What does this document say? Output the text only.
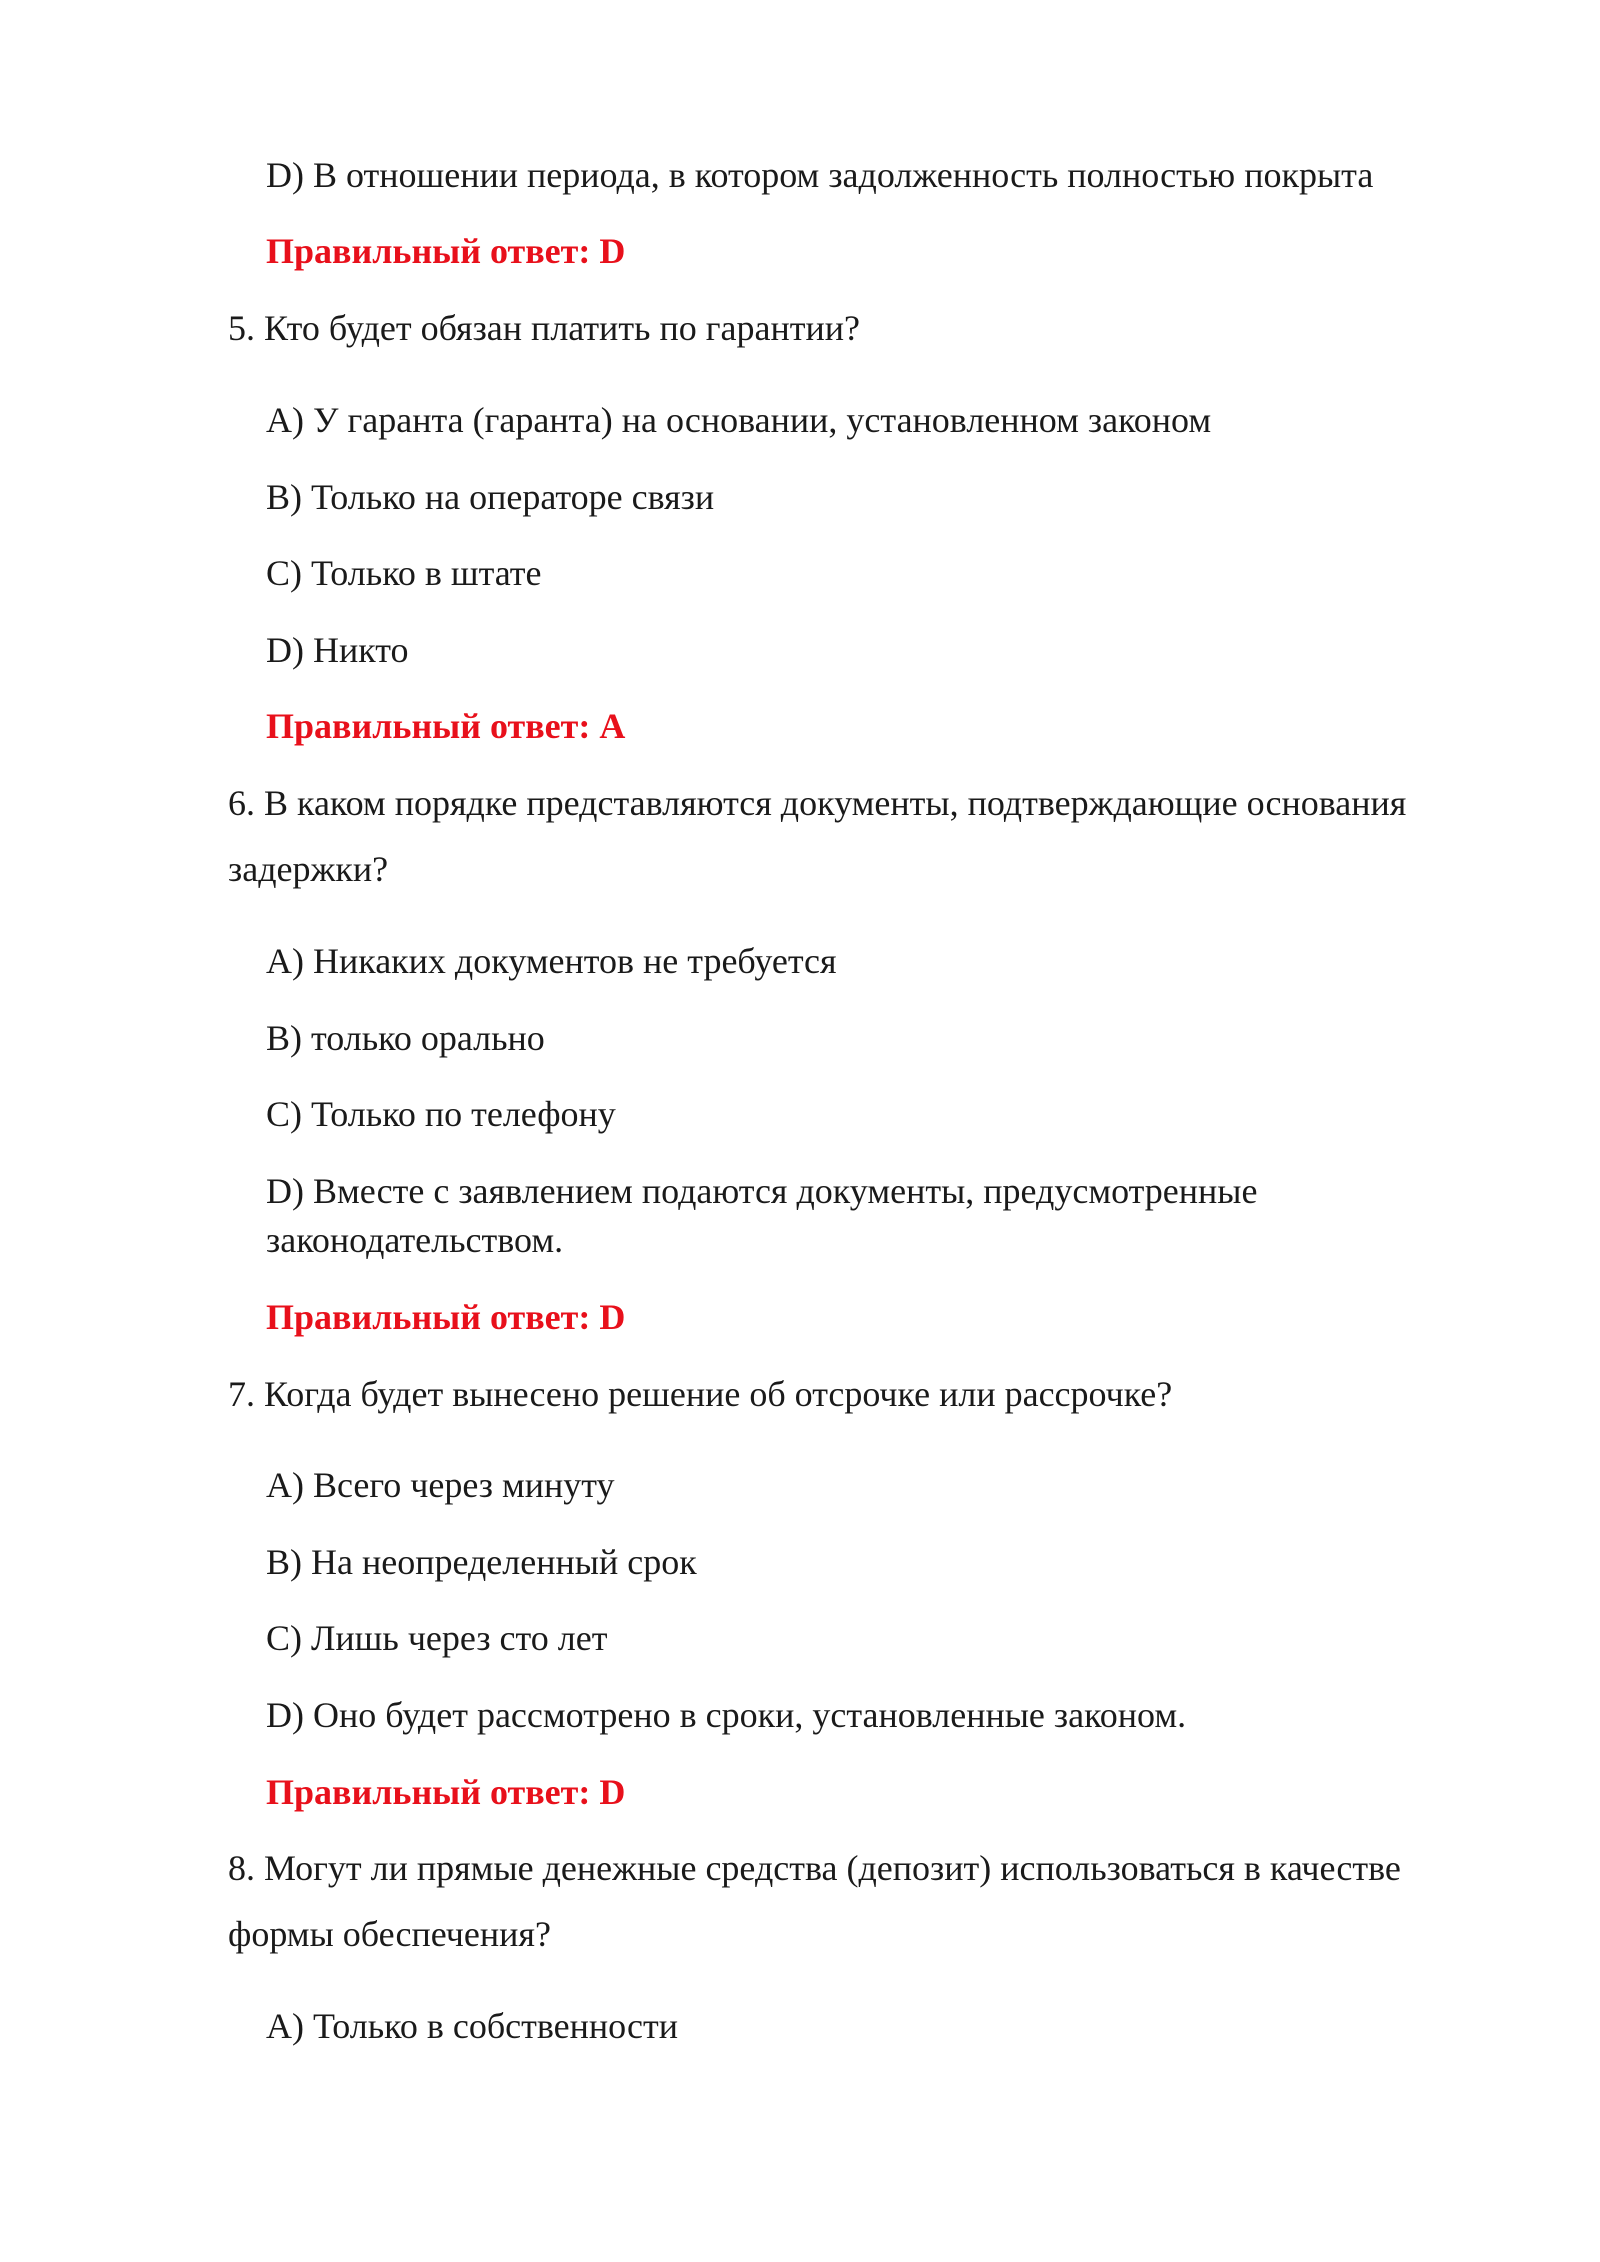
D) В отношении периода, в котором задолженность полностью покрыта
Правильный ответ: D
5. Кто будет обязан платить по гарантии?
A) У гаранта (гаранта) на основании, установленном законом
B) Только на операторе связи
C) Только в штате
D) Никто
Правильный ответ: A
6. В каком порядке представляются документы, подтверждающие основания
задержки?
A) Никаких документов не требуется
B) только орально
C) Только по телефону
D) Вместе с заявлением подаются документы, предусмотренные
законодательством.
Правильный ответ: D
7. Когда будет вынесено решение об отсрочке или рассрочке?
A) Всего через минуту
B) На неопределенный срок
C) Лишь через сто лет
D) Оно будет рассмотрено в сроки, установленные законом.
Правильный ответ: D
8. Могут ли прямые денежные средства (депозит) использоваться в качестве
формы обеспечения?
A) Только в собственности
